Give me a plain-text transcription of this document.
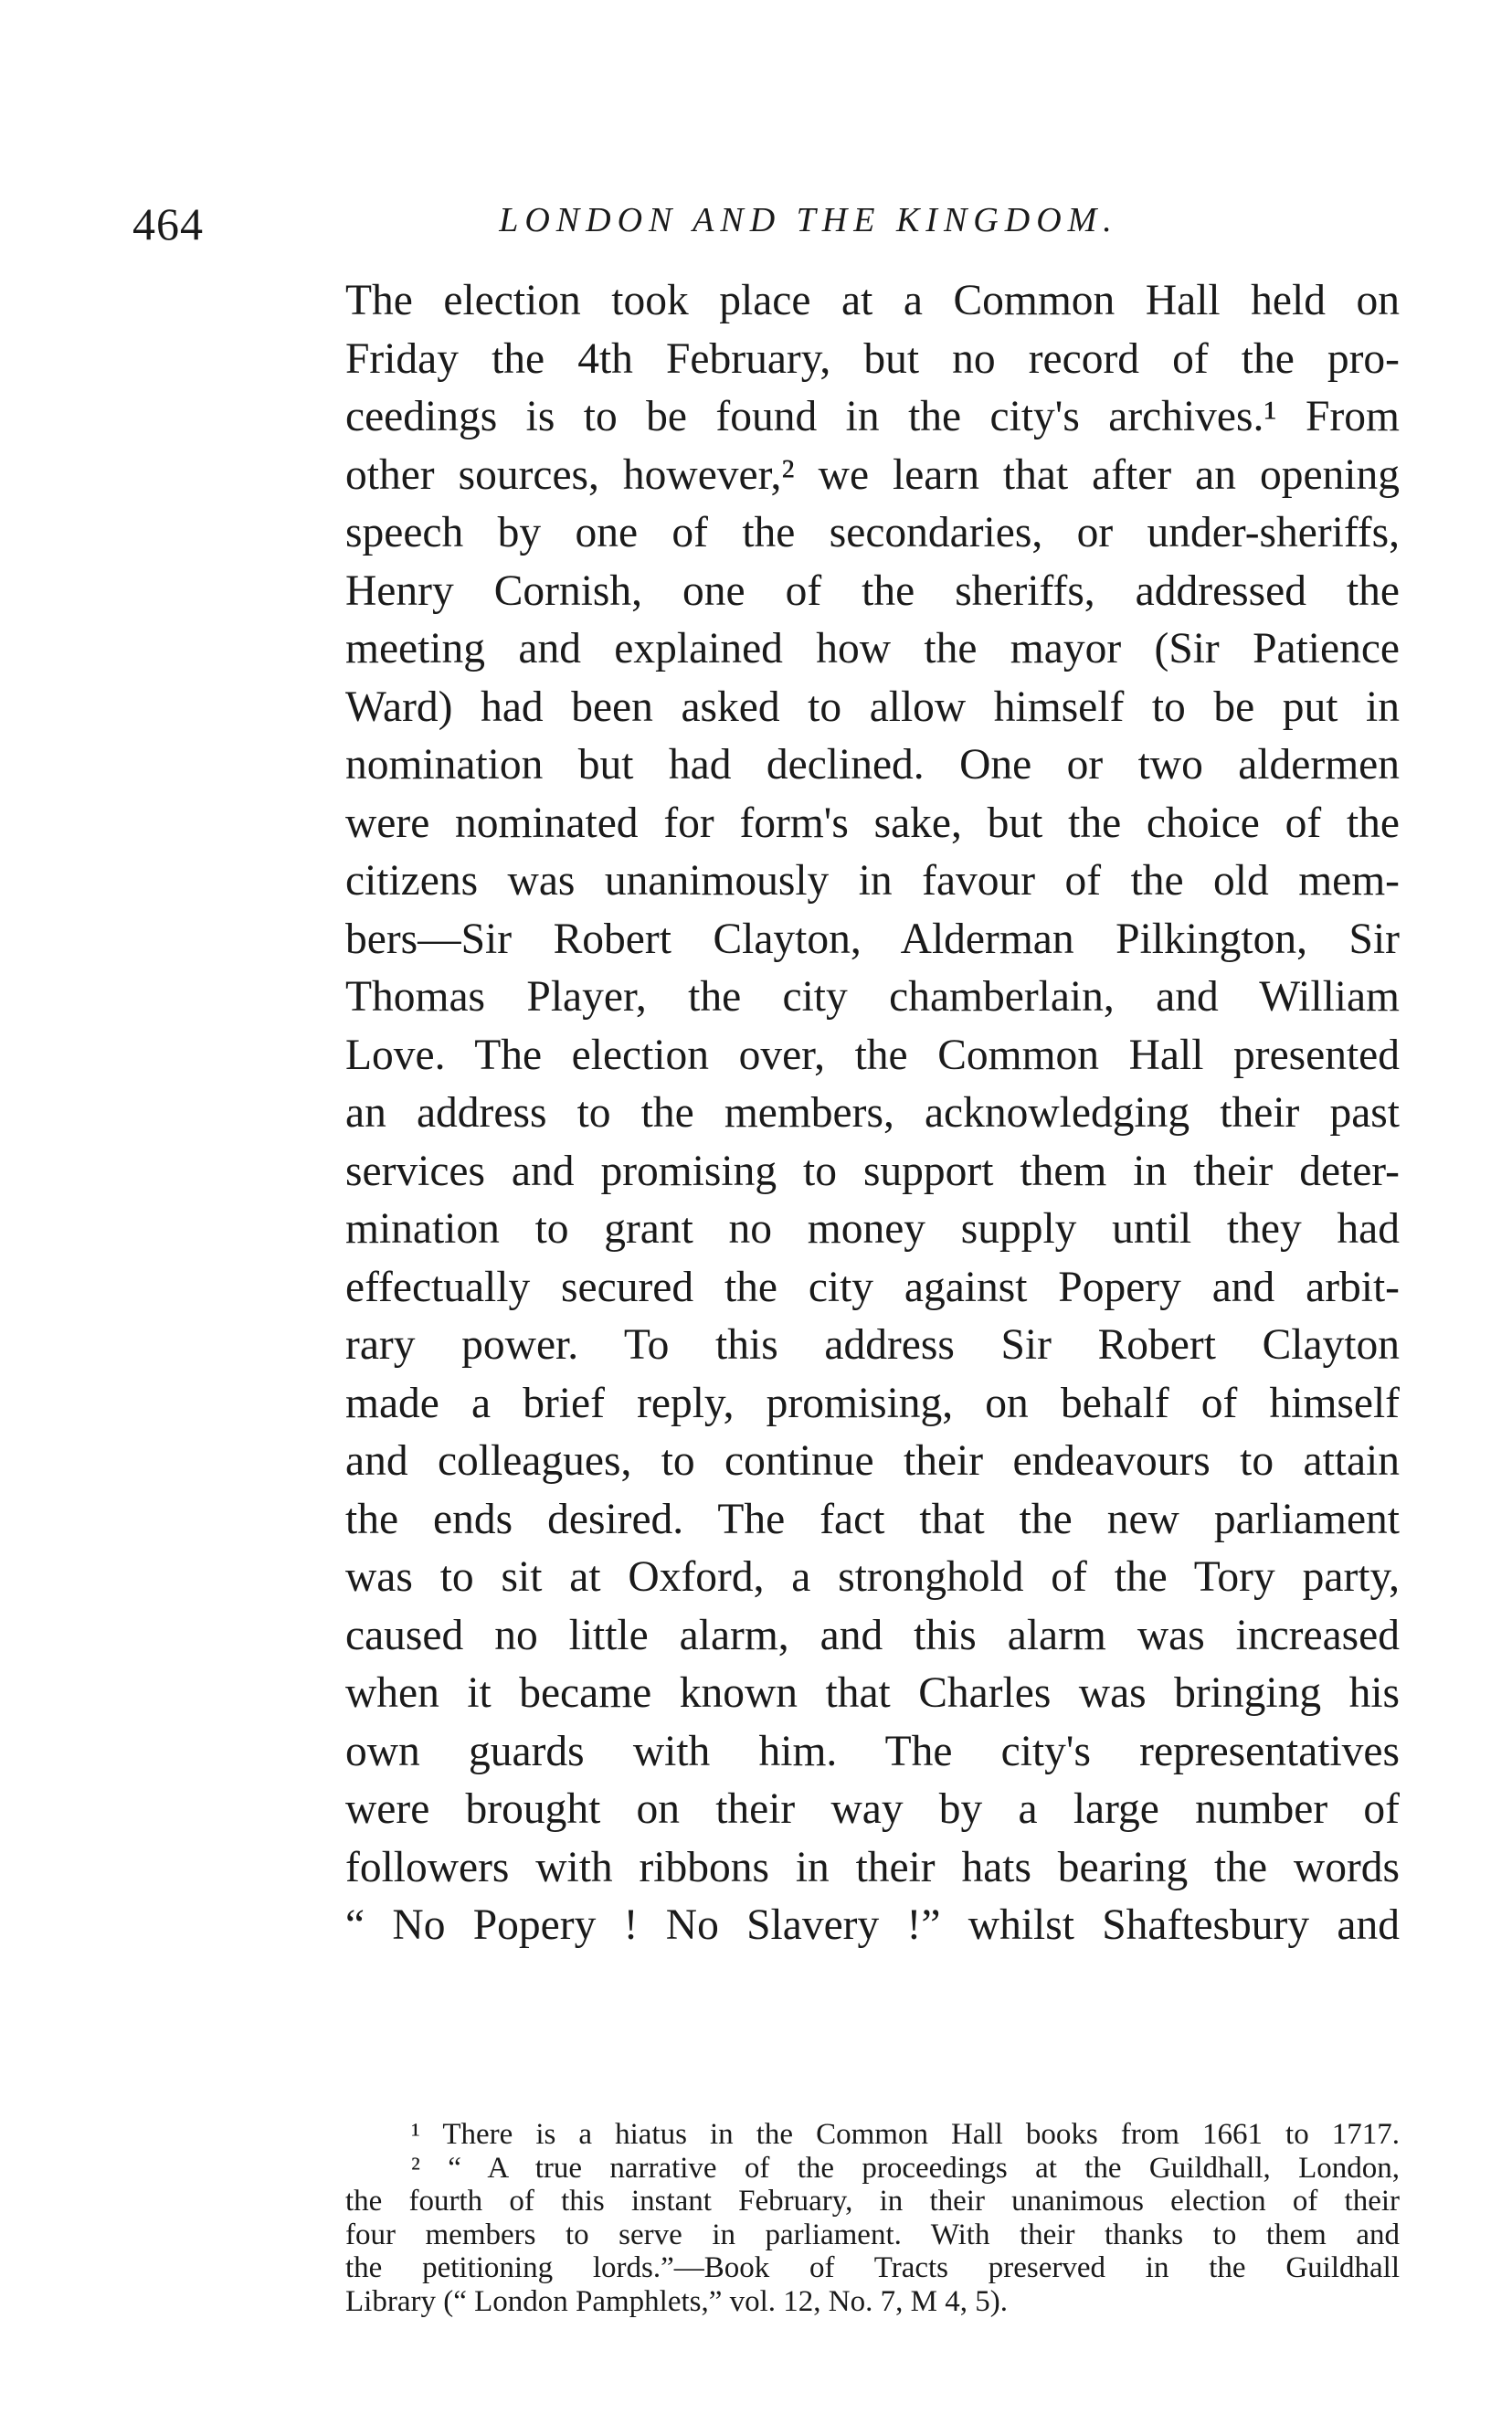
464	LONDON AND THE KINGDOM.
The election took place at a Common Hall held on
Friday the 4th February, but no record of the pro-
ceedings is to be found in the city's archives.¹ From
other sources, however,² we learn that after an opening
speech by one of the secondaries, or under-sheriffs,
Henry Cornish, one of the sheriffs, addressed the
meeting and explained how the mayor (Sir Patience
Ward) had been asked to allow himself to be put in
nomination but had declined. One or two aldermen
were nominated for form's sake, but the choice of the
citizens was unanimously in favour of the old mem-
bers—Sir Robert Clayton, Alderman Pilkington, Sir
Thomas Player, the city chamberlain, and William
Love. The election over, the Common Hall presented
an address to the members, acknowledging their past
services and promising to support them in their deter-
mination to grant no money supply until they had
effectually secured the city against Popery and arbit-
rary power. To this address Sir Robert Clayton
made a brief reply, promising, on behalf of himself
and colleagues, to continue their endeavours to attain
the ends desired. The fact that the new parliament
was to sit at Oxford, a stronghold of the Tory party,
caused no little alarm, and this alarm was increased
when it became known that Charles was bringing his
own guards with him. The city's representatives
were brought on their way by a large number of
followers with ribbons in their hats bearing the words
“ No Popery ! No Slavery !” whilst Shaftesbury and
¹ There is a hiatus in the Common Hall books from 1661 to 1717.
² “ A true narrative of the proceedings at the Guildhall, London,
the fourth of this instant February, in their unanimous election of their
four members to serve in parliament. With their thanks to them and
the petitioning lords.”—Book of Tracts preserved in the Guildhall
Library (“ London Pamphlets,” vol. 12, No. 7, M 4, 5).
